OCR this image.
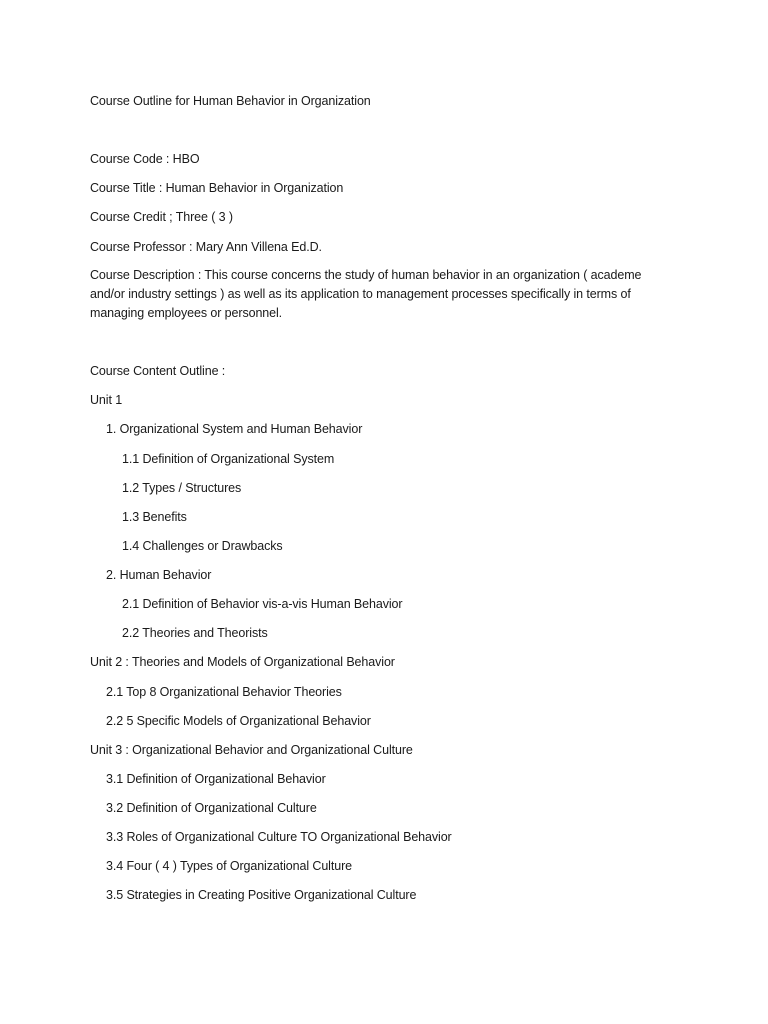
Course Outline for Human Behavior in Organization
Course Code : HBO
Course Title : Human Behavior in Organization
Course Credit ; Three ( 3 )
Course Professor : Mary Ann Villena Ed.D.
Course Description : This course concerns the study of human behavior in an organization ( academe
and/or industry settings ) as well as its application to management processes specifically in terms of
managing employees or personnel.
Course Content Outline :
Unit 1
1. Organizational System and Human Behavior
1.1 Definition of Organizational System
1.2 Types / Structures
1.3 Benefits
1.4 Challenges or Drawbacks
2. Human Behavior
2.1 Definition of Behavior vis-a-vis Human Behavior
2.2 Theories and Theorists
Unit 2 : Theories and Models of Organizational Behavior
2.1 Top 8 Organizational Behavior Theories
2.2 5 Specific Models of Organizational Behavior
Unit 3 : Organizational Behavior and Organizational Culture
3.1 Definition of Organizational Behavior
3.2 Definition of Organizational Culture
3.3 Roles of Organizational Culture TO Organizational Behavior
3.4 Four ( 4 ) Types of Organizational Culture
3.5 Strategies in Creating Positive Organizational Culture
